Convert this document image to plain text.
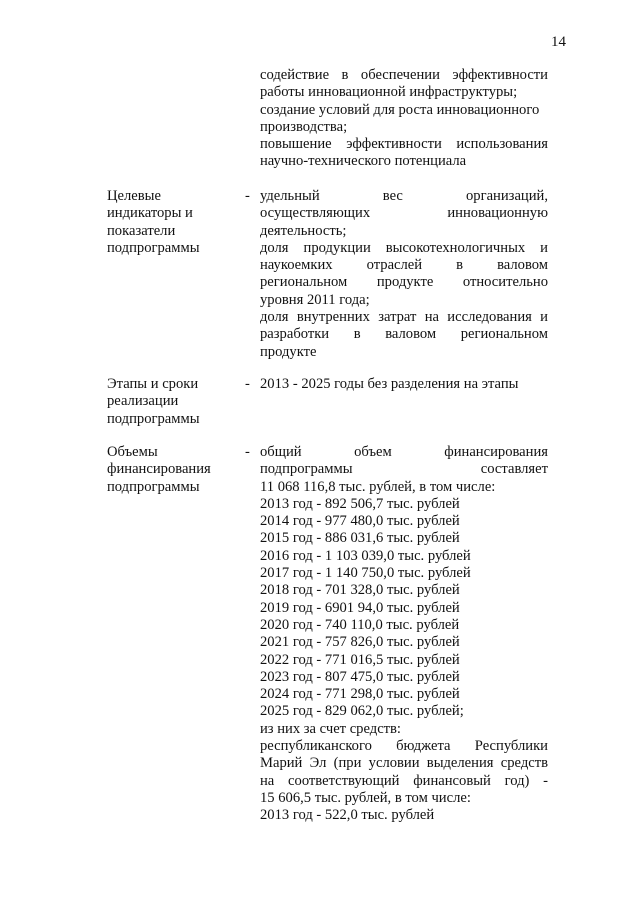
14
содействие в обеспечении эффективности
работы инновационной инфраструктуры;
создание условий для роста инновационного
производства;
повышение эффективности использования
научно-технического потенциала
Целевые
индикаторы и
показатели
подпрограммы
- удельный вес организаций,
осуществляющих инновационную
деятельность;
доля продукции высокотехнологичных и
наукоемких отраслей в валовом
региональном продукте относительно
уровня 2011 года;
доля внутренних затрат на исследования и
разработки в валовом региональном
продукте
Этапы и сроки
реализации
подпрограммы
- 2013 - 2025 годы без разделения на этапы
Объемы
финансирования
подпрограммы
- общий объем финансирования
подпрограммы составляет
11 068 116,8 тыс. рублей, в том числе:
2013 год - 892 506,7 тыс. рублей
2014 год - 977 480,0 тыс. рублей
2015 год - 886 031,6 тыс. рублей
2016 год - 1 103 039,0 тыс. рублей
2017 год - 1 140 750,0 тыс. рублей
2018 год - 701 328,0 тыс. рублей
2019 год - 6901 94,0 тыс. рублей
2020 год - 740 110,0 тыс. рублей
2021 год - 757 826,0 тыс. рублей
2022 год - 771 016,5 тыс. рублей
2023 год - 807 475,0 тыс. рублей
2024 год - 771 298,0 тыс. рублей
2025 год - 829 062,0 тыс. рублей;
из них за счет средств:
республиканского бюджета Республики
Марий Эл (при условии выделения средств
на соответствующий финансовый год) -
15 606,5 тыс. рублей, в том числе:
2013 год - 522,0 тыс. рублей
